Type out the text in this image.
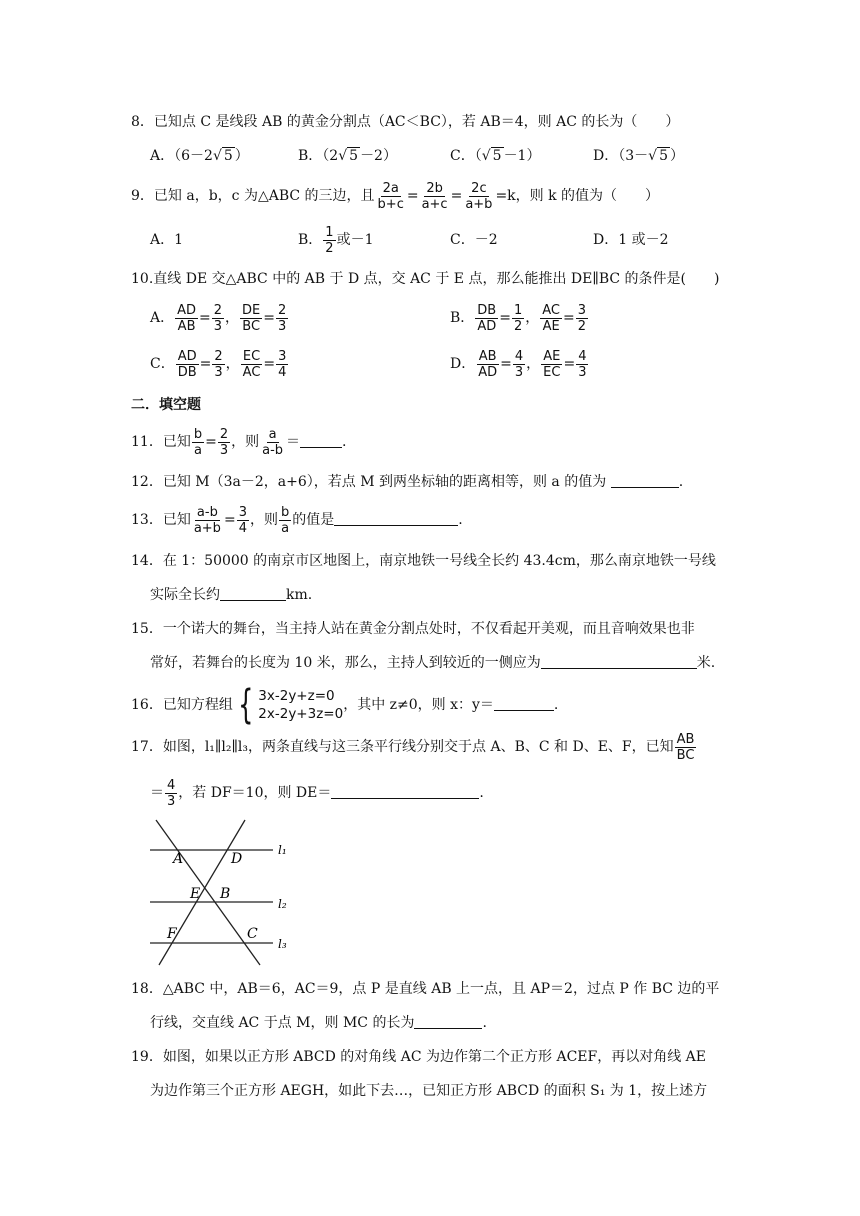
8．已知点 C 是线段 AB 的黄金分割点（AC＜BC），若 AB＝4，则 AC 的长为（　　）
A．（6－2√ 5 ）	B．（2√ 5 －2）	C．（√ 5 －1）	D．（3－√ 5 ）
9．已知 a，b，c 为△ABC 的三边，且 $\frac{2a}{b+c} = \frac{2b}{a+c} = \frac{2c}{a+b} =k$，则 k 的值为（　　）
A．1	B． $\frac{1}{2}$ 或－1	C．－2	D．1 或－2
10.直线 DE 交△ABC 中的 AB 于 D 点，交 AC 于 E 点，那么能推出 DE∥BC 的条件是(　　)
A． $\frac{AD}{AB} = \frac{2}{3}$ ， $\frac{DE}{BC} = \frac{2}{3}$	B． $\frac{DB}{AD} = \frac{1}{2}$ ， $\frac{AC}{AE} = \frac{3}{2}$
C． $\frac{AD}{DB} = \frac{2}{3}$ ， $\frac{EC}{AC} = \frac{3}{4}$	D． $\frac{AB}{AD} = \frac{4}{3}$ ， $\frac{AE}{EC} = \frac{4}{3}$
二．填空题
11．已知 $\frac{b}{a} = \frac{2}{3}$ ，则 $\frac{a}{a-b}$ ＝	.
12．已知 M（3a－2，a+6），若点 M 到两坐标轴的距离相等，则 a 的值为	.
13．已知 $\frac{a-b}{a+b} = \frac{3}{4}$ ，则 $\frac{b}{a}$ 的值是	.
14．在 1：50000 的南京市区地图上，南京地铁一号线全长约 43.4cm，那么南京地铁一号线
实际全长约	km.
15．一个诺大的舞台，当主持人站在黄金分割点处时，不仅看起开美观，而且音响效果也非
常好，若舞台的长度为 10 米，那么，主持人到较近的一侧应为	米.
16．已知方程组 { 3x-2y+z=0
2x-2y+3z=0
，其中 z≠0，则 x：y＝	.
17．如图，l₁∥l₂∥l₃，两条直线与这三条平行线分别交于点 A、B、C 和 D、E、F，已知 $\frac{AB}{BC}$
＝ $\frac{4}{3}$ ，若 DF＝10，则 DE＝	.
A	D
E B
F	C
l₁
l₂
l₃
18．△ABC 中，AB＝6，AC＝9，点 P 是直线 AB 上一点，且 AP＝2，过点 P 作 BC 边的平
行线，交直线 AC 于点 M，则 MC 的长为	.
19．如图，如果以正方形 ABCD 的对角线 AC 为边作第二个正方形 ACEF，再以对角线 AE
为边作第三个正方形 AEGH，如此下去…，已知正方形 ABCD 的面积 S₁ 为 1，按上述方
